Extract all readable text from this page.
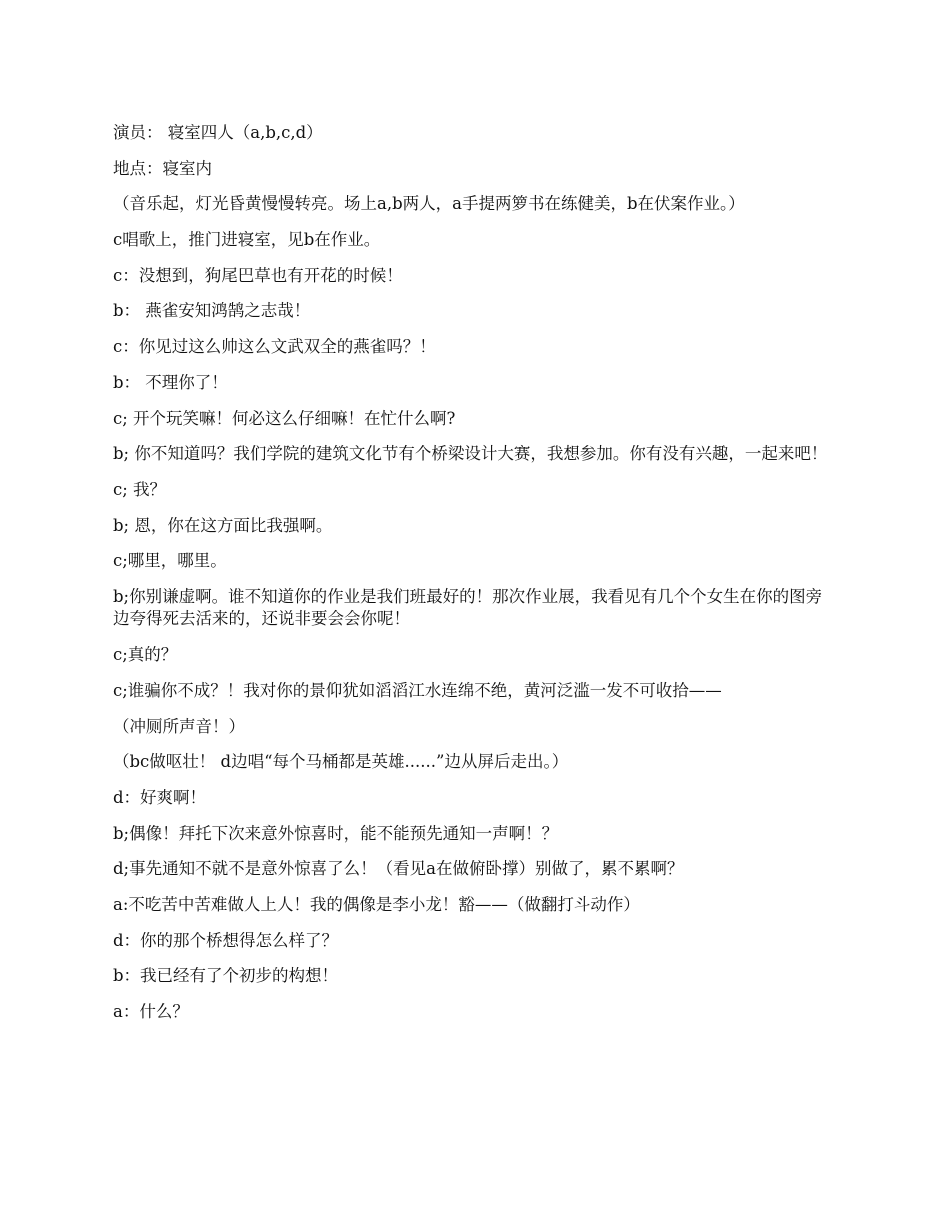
演员： 寝室四人（a,b,c,d）

地点：寝室内

（音乐起，灯光昏黄慢慢转亮。场上a,b两人，a手提两箩书在练健美，b在伏案作业。）

c唱歌上，推门进寝室，见b在作业。

c：没想到，狗尾巴草也有开花的时候！

b： 燕雀安知鸿鹄之志哉！

c：你见过这么帅这么文武双全的燕雀吗？！

b： 不理你了！

c; 开个玩笑嘛！何必这么仔细嘛！在忙什么啊?

b; 你不知道吗？我们学院的建筑文化节有个桥梁设计大赛，我想参加。你有没有兴趣，一起来吧！

c; 我？

b; 恩，你在这方面比我强啊。

c;哪里，哪里。

b;你别谦虚啊。谁不知道你的作业是我们班最好的！那次作业展，我看见有几个个女生在你的图旁边夸得死去活来的，还说非要会会你呢！

c;真的？

c;谁骗你不成？！我对你的景仰犹如滔滔江水连绵不绝，黄河泛滥一发不可收拾——

（冲厕所声音！）

（bc做呕壮！ d边唱“每个马桶都是英雄......”边从屏后走出。）

d：好爽啊！

b;偶像！拜托下次来意外惊喜时，能不能预先通知一声啊！？

d;事先通知不就不是意外惊喜了么！（看见a在做俯卧撑）别做了，累不累啊？

a:不吃苦中苦难做人上人！我的偶像是李小龙！豁——（做翻打斗动作）

d：你的那个桥想得怎么样了？

b：我已经有了个初步的构想！

a：什么？
